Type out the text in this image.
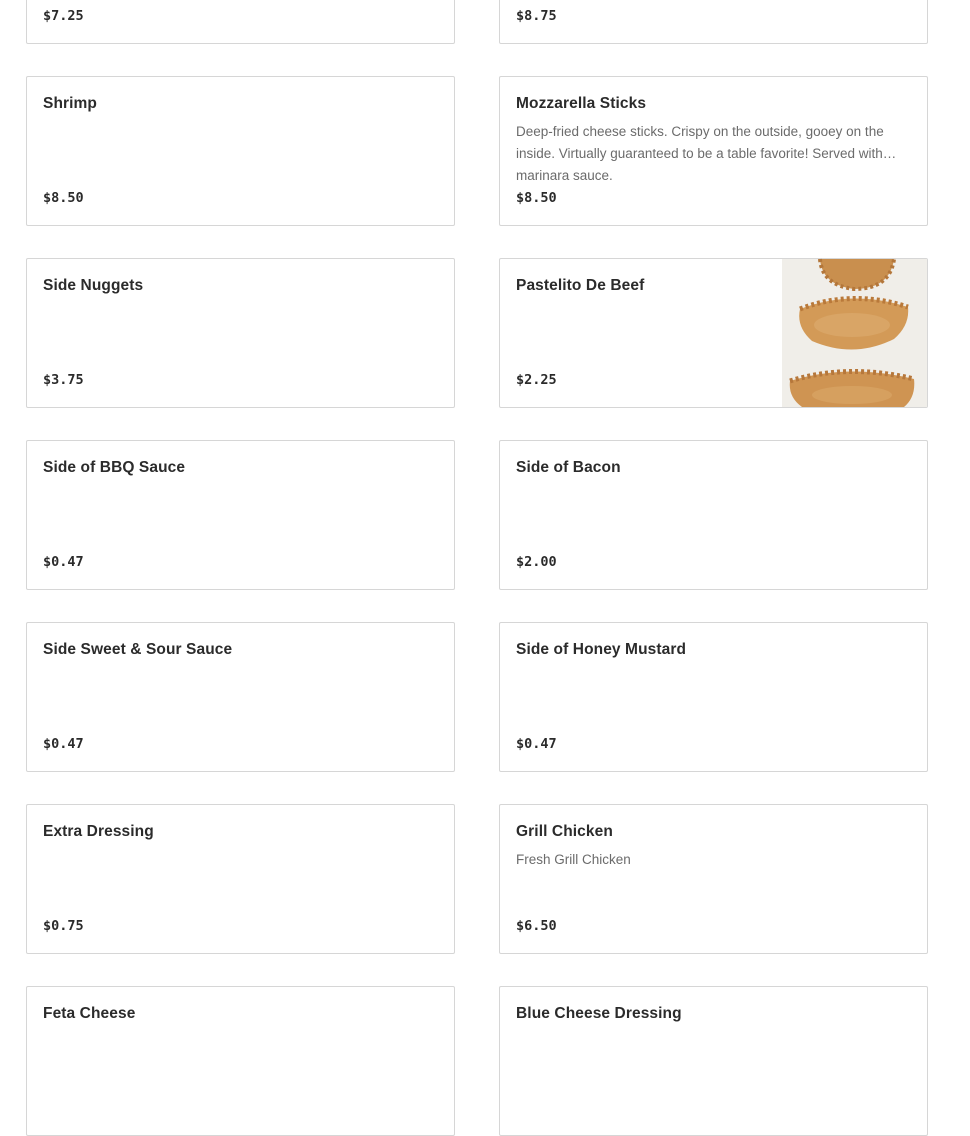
$7.25	$8.75
Shrimp
$8.50
Mozzarella Sticks
Deep-fried cheese sticks. Crispy on the outside, gooey on the inside. Virtually guaranteed to be a table favorite! Served with marinara sauce.
$8.50
Side Nuggets
$3.75
Pastelito De Beef
$2.25
Side of BBQ Sauce
$0.47
Side of Bacon
$2.00
Side Sweet & Sour Sauce
$0.47
Side of Honey Mustard
$0.47
Extra Dressing
$0.75
Grill Chicken
Fresh Grill Chicken
$6.50
Feta Cheese	Blue Cheese Dressing
